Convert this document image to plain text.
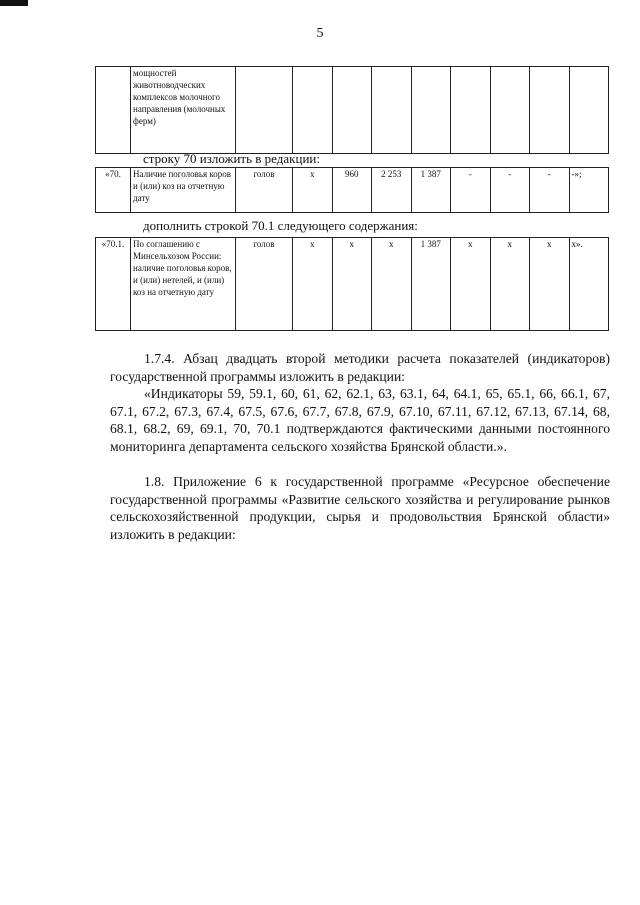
5
	мощностей животноводческих комплексов молочного направления (молочных ферм)									
строку 70 изложить в редакции:
«70.	Наличие поголовья коров и (или) коз на отчетную дату	голов	x	960	2 253	1 387	-	-	-	-»;
дополнить строкой 70.1 следующего содержания:
«70.1.	По соглашению с Минсельхозом России: наличие поголовья коров, и (или) нетелей, и (или) коз на отчетную дату	голов	x	x	x	1 387	x	x	x	x».

1.7.4. Абзац двадцать второй методики расчета показателей (индикаторов) государственной программы изложить в редакции:

«Индикаторы 59, 59.1, 60, 61, 62, 62.1, 63, 63.1, 64, 64.1, 65, 65.1, 66, 66.1, 67, 67.1, 67.2, 67.3, 67.4, 67.5, 67.6, 67.7, 67.8, 67.9, 67.10, 67.11, 67.12, 67.13, 67.14, 68, 68.1, 68.2, 69, 69.1, 70, 70.1 подтверждаются фактическими данными постоянного мониторинга департамента сельского хозяйства Брянской области.».

1.8. Приложение 6 к государственной программе «Ресурсное обеспечение государственной программы «Развитие сельского хозяйства и регулирование рынков сельскохозяйственной продукции, сырья и продовольствия Брянской области» изложить в редакции:
